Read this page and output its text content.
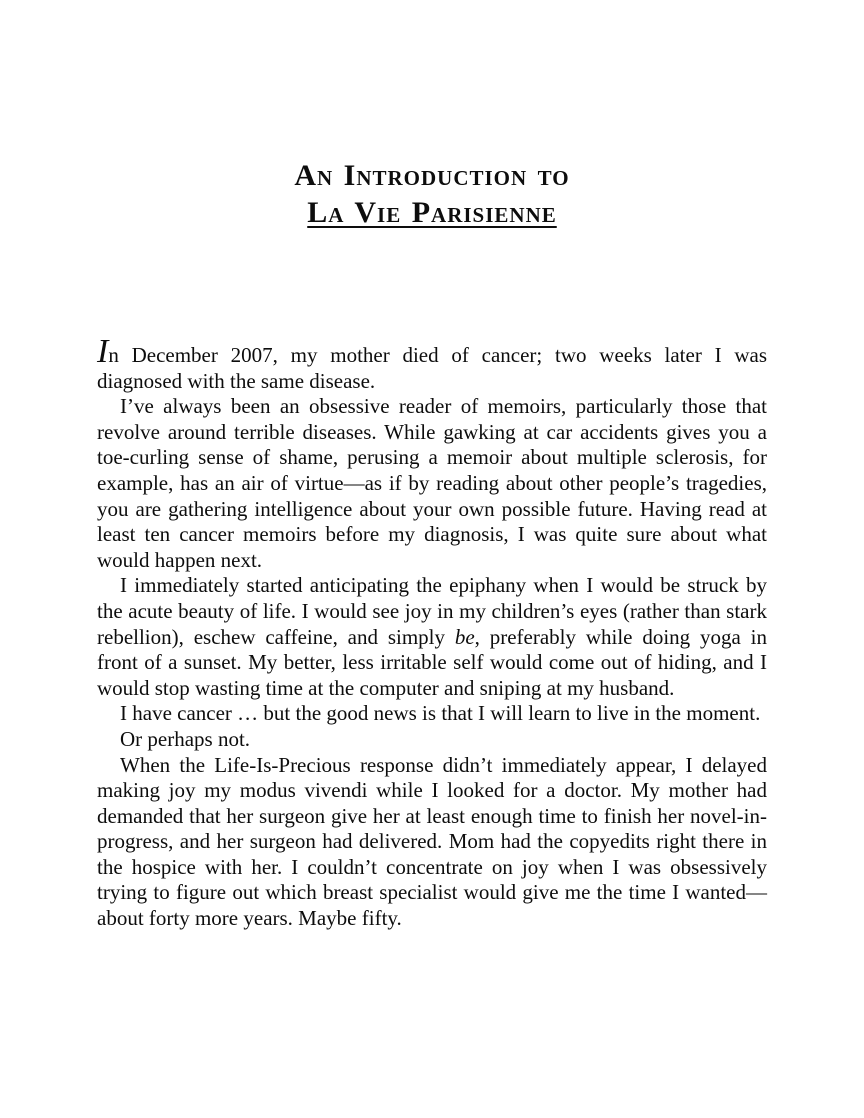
An Introduction to
La Vie Parisienne

In December 2007, my mother died of cancer; two weeks later I was diagnosed with the same disease.

I’ve always been an obsessive reader of memoirs, particularly those that revolve around terrible diseases. While gawking at car accidents gives you a toe-curling sense of shame, perusing a memoir about multiple sclerosis, for example, has an air of virtue—as if by reading about other people’s tragedies, you are gathering intelligence about your own possible future. Having read at least ten cancer memoirs before my diagnosis, I was quite sure about what would happen next.

I immediately started anticipating the epiphany when I would be struck by the acute beauty of life. I would see joy in my children’s eyes (rather than stark rebellion), eschew caffeine, and simply be, preferably while doing yoga in front of a sunset. My better, less irritable self would come out of hiding, and I would stop wasting time at the computer and sniping at my husband.

I have cancer … but the good news is that I will learn to live in the moment.

Or perhaps not.

When the Life-Is-Precious response didn’t immediately appear, I delayed making joy my modus vivendi while I looked for a doctor. My mother had demanded that her surgeon give her at least enough time to finish her novel-in-progress, and her surgeon had delivered. Mom had the copyedits right there in the hospice with her. I couldn’t concentrate on joy when I was obsessively trying to figure out which breast specialist would give me the time I wanted—about forty more years. Maybe fifty.
